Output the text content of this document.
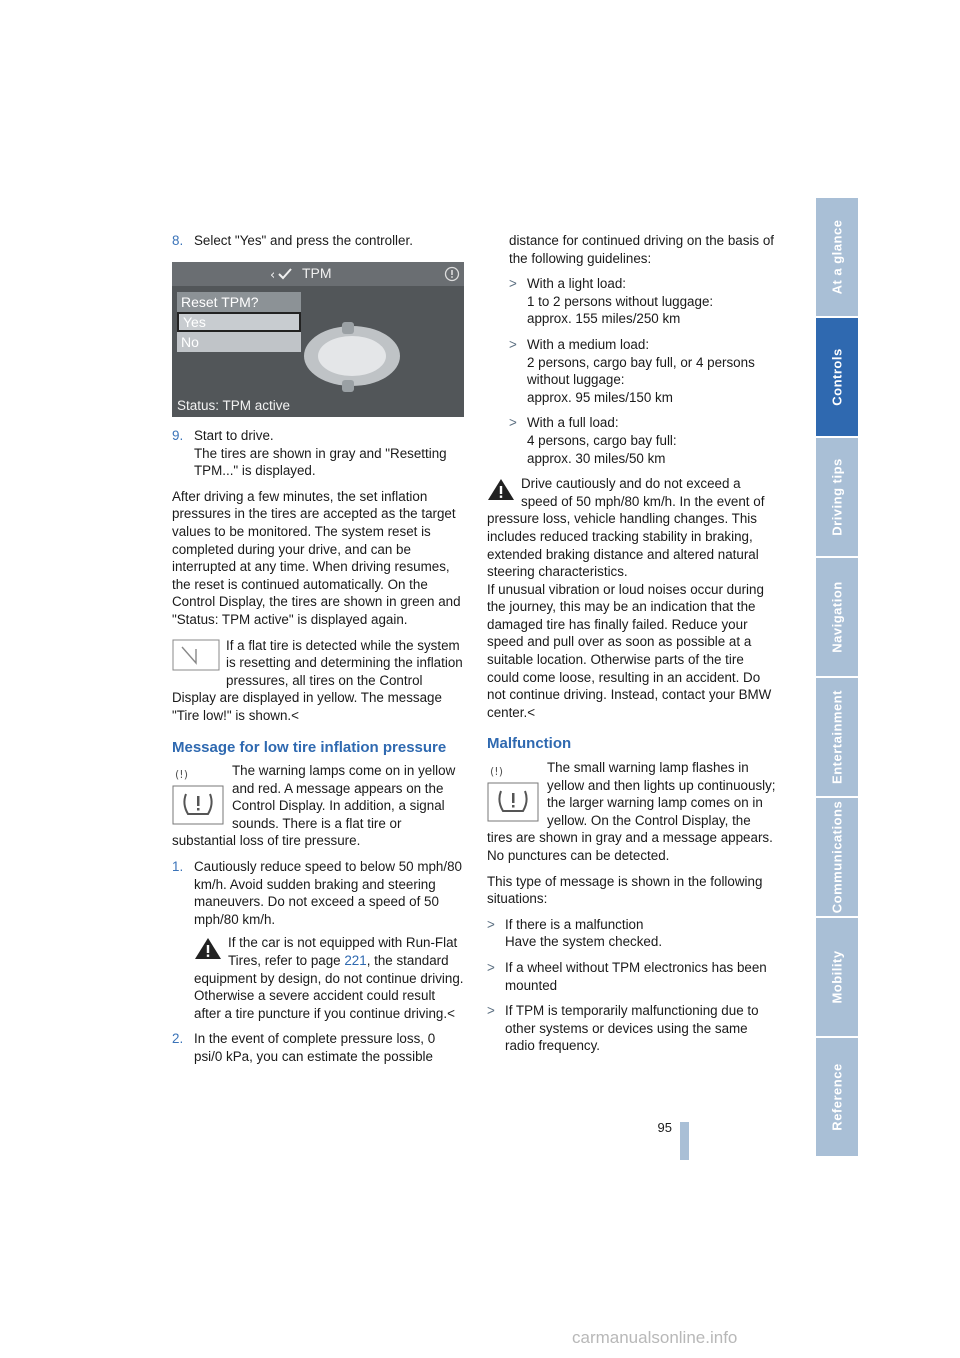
At a glance
Controls
Driving tips
Navigation
Entertainment
Communications
Mobility
Reference
8. Select "Yes" and press the controller.
‹ TPM
Reset TPM?
Yes
No
Status: TPM active
9. Start to drive.
The tires are shown in gray and "Resetting TPM..." is displayed.

After driving a few minutes, the set inflation pressures in the tires are accepted as the target values to be monitored. The system reset is completed during your drive, and can be interrupted at any time. When driving resumes, the reset is continued automatically. On the Control Display, the tires are shown in green and "Status: TPM active" is displayed again.

If a flat tire is detected while the system is resetting and determining the inflation pressures, all tires on the Control Display are displayed in yellow. The message "Tire low!" is shown.<

Message for low tire inflation pressure

(!)	The warning lamps come on in yellow and red. A message appears on the Control Display. In addition, a signal sounds. There is a flat tire or substantial loss of tire pressure.

1. Cautiously reduce speed to below 50 mph/80 km/h. Avoid sudden braking and steering maneuvers. Do not exceed a speed of 50 mph/80 km/h.

If the car is not equipped with Run-Flat Tires, refer to page 221, the standard equipment by design, do not continue driving. Otherwise a severe accident could result after a tire puncture if you continue driving.<

2. In the event of complete pressure loss, 0 psi/0 kPa, you can estimate the possible

distance for continued driving on the basis of the following guidelines:

> With a light load:
1 to 2 persons without luggage:
approx. 155 miles/250 km
> With a medium load:
2 persons, cargo bay full, or 4 persons without luggage:
approx. 95 miles/150 km
> With a full load:
4 persons, cargo bay full:
approx. 30 miles/50 km

Drive cautiously and do not exceed a speed of 50 mph/80 km/h. In the event of pressure loss, vehicle handling changes. This includes reduced tracking stability in braking, extended braking distance and altered natural steering characteristics.

If unusual vibration or loud noises occur during the journey, this may be an indication that the damaged tire has finally failed. Reduce your speed and pull over as soon as possible at a suitable location. Otherwise parts of the tire could come loose, resulting in an accident. Do not continue driving. Instead, contact your BMW center.<

Malfunction

(!)	The small warning lamp flashes in yellow and then lights up continuously; the larger warning lamp comes on in yellow. On the Control Display, the tires are shown in gray and a message appears. No punctures can be detected.

This type of message is shown in the following situations:

> If there is a malfunction
Have the system checked.
> If a wheel without TPM electronics has been mounted
> If TPM is temporarily malfunctioning due to other systems or devices using the same radio frequency.
95
carmanualsonline.info
